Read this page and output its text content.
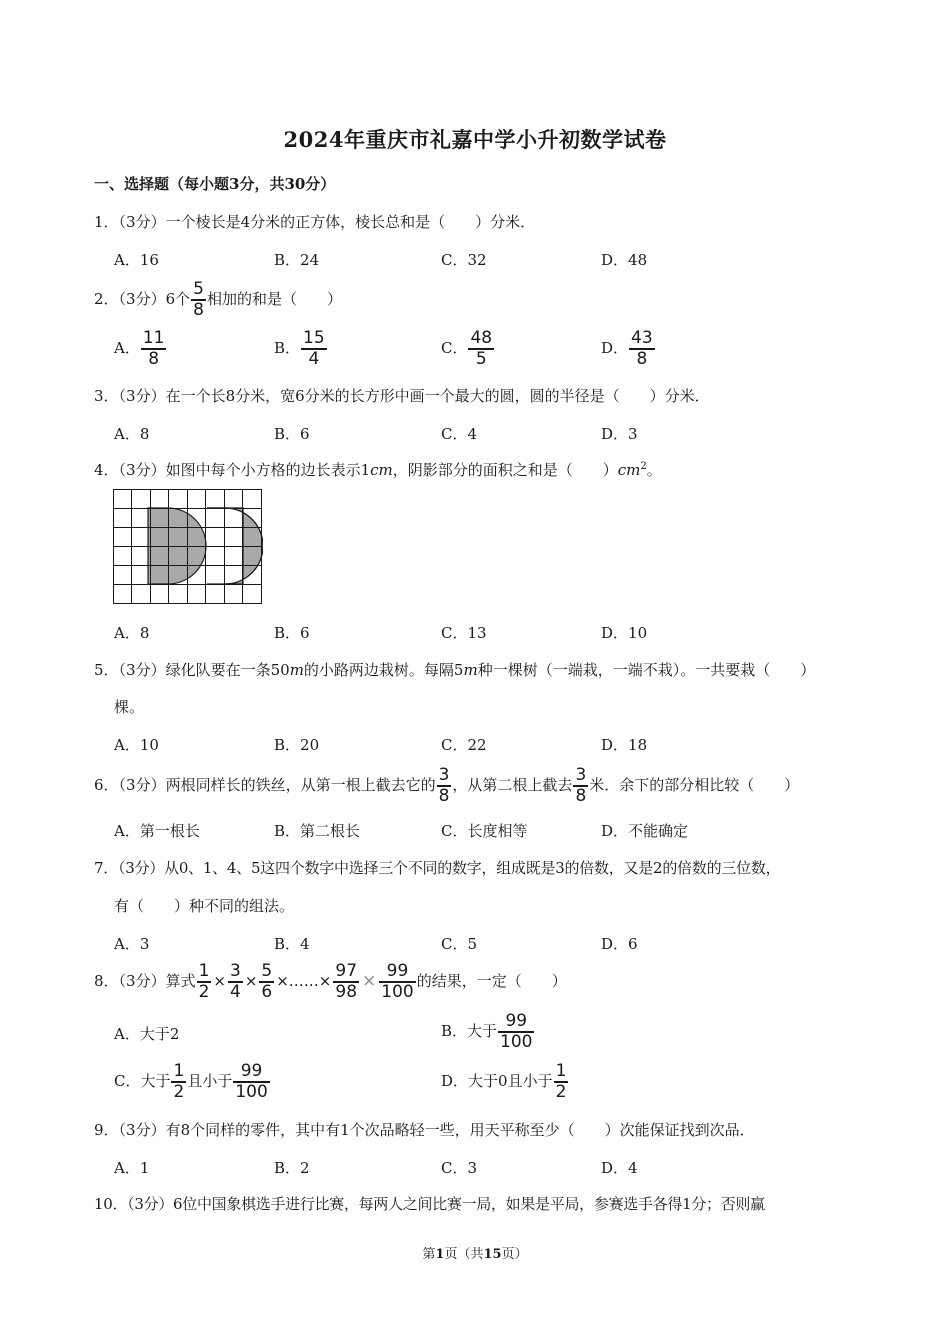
2024年重庆市礼嘉中学小升初数学试卷
一、选择题（每小题3分，共30分）
1．（3分）一个棱长是4分米的正方体，棱长总和是（　　）分米．
A．16	B．24	C．32	D．48
2．（3分）6个 $\frac{5}{8}$ 相加的和是（　　）
A． $\frac{11}{8}$	B． $\frac{15}{4}$	C． $\frac{48}{5}$	D． $\frac{43}{8}$
3．（3分）在一个长8分米，宽6分米的长方形中画一个最大的圆，圆的半径是（　　）分米．
A．8	B．6	C．4	D．3
4．（3分）如图中每个小方格的边长表示1cm，阴影部分的面积之和是（　　）$cm^2$。
A．8	B．6	C．13	D．10
5．（3分）绿化队要在一条50m的小路两边栽树。每隔5m种一棵树（一端栽，一端不栽）。一共要栽（　　）
棵。
A．10	B．20	C．22	D．18
6．（3分）两根同样长的铁丝，从第一根上截去它的 $\frac{3}{8}$ ，从第二根上截去 $\frac{3}{8}$ 米．余下的部分相比较（　　）
A．第一根长	B．第二根长	C．长度相等	D．不能确定
7．（3分）从0、1、4、5这四个数字中选择三个不同的数字，组成既是3的倍数，又是2的倍数的三位数，
有（　　）种不同的组法。
A．3	B．4	C．5	D．6
8．（3分）算式 $\frac{1}{2} \times \frac{3}{4} \times \frac{5}{6}$ ×……× $\frac{97}{98} \times \frac{99}{100}$ 的结果，一定（　　）
A．大于2	B．大于 $\frac{99}{100}$
C．大于 $\frac{1}{2}$ 且小于 $\frac{99}{100}$	D．大于0且小于 $\frac{1}{2}$
9．（3分）有8个同样的零件，其中有1个次品略轻一些，用天平称至少（　　）次能保证找到次品．
A．1	B．2	C．3	D．4
10．（3分）6位中国象棋选手进行比赛，每两人之间比赛一局，如果是平局，参赛选手各得1分；否则赢
第1页（共15页）
